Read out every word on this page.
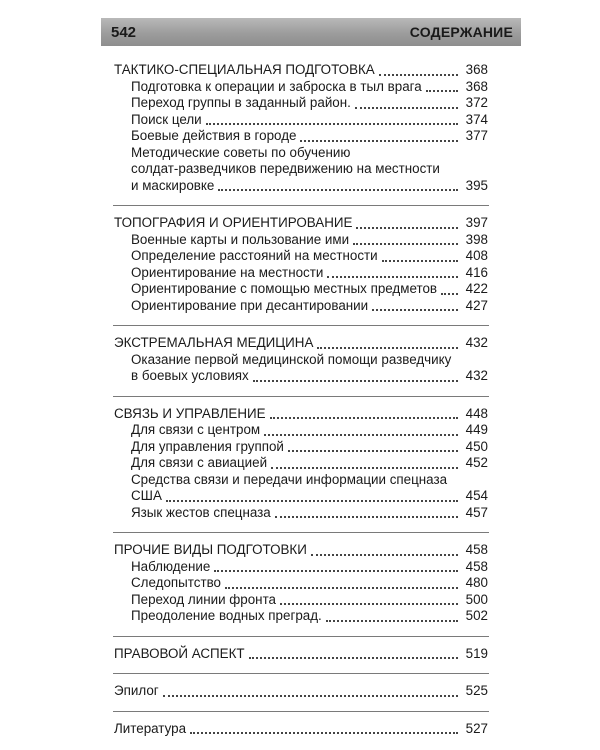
542	СОДЕРЖАНИЕ
ТАКТИКО-СПЕЦИАЛЬНАЯ ПОДГОТОВКА	368
Подготовка к операции и заброска в тыл врага	368
Переход группы в заданный район.	372
Поиск цели	374
Боевые действия в городе	377
Методические советы по обучению
солдат-разведчиков передвижению на местности
и маскировке	395
ТОПОГРАФИЯ И ОРИЕНТИРОВАНИЕ	397
Военные карты и пользование ими	398
Определение расстояний на местности	408
Ориентирование на местности	416
Ориентирование с помощью местных предметов 422
Ориентирование при десантировании	427
ЭКСТРЕМАЛЬНАЯ МЕДИЦИНА	432
Оказание первой медицинской помощи разведчику
в боевых условиях	432
СВЯЗЬ И УПРАВЛЕНИЕ	448
Для связи с центром	449
Для управления группой	450
Для связи с авиацией	452
Средства связи и передачи информации спецназа
США	454
Язык жестов спецназа	457
ПРОЧИЕ ВИДЫ ПОДГОТОВКИ	458
Наблюдение	458
Следопытство	480
Переход линии фронта	500
Преодоление водных преград.	502
ПРАВОВОЙ АСПЕКТ	519
Эпилог	525
Литература	527
